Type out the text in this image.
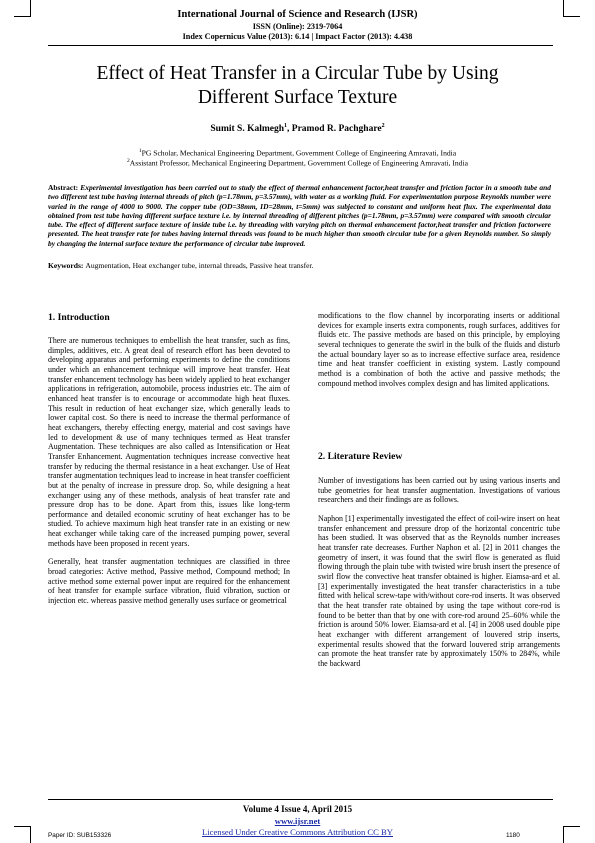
International Journal of Science and Research (IJSR)
ISSN (Online): 2319-7064
Index Copernicus Value (2013): 6.14 | Impact Factor (2013): 4.438
Effect of Heat Transfer in a Circular Tube by Using
Different Surface Texture
Sumit S. Kalmegh$^1$, Pramod R. Pachghare$^2$
$^1$PG Scholar, Mechanical Engineering Department, Government College of Engineering Amravati, India
$^2$Assistant Professor, Mechanical Engineering Department, Government College of Engineering Amravati, India
Abstract: Experimental investigation has been carried out to study the effect of thermal enhancement factor,heat transfer and friction factor in a smooth tube and two different test tube having internal threads of pitch (p=1.78mm, p=3.57mm), with water as a working fluid. For experimentation purpose Reynolds number were varied in the range of 4000 to 9000. The copper tube (OD=38mm, ID=28mm, t=5mm) was subjected to constant and uniform heat flux. The experimental data obtained from test tube having different surface texture i.e. by internal threading of different pitches (p=1.78mm, p=3.57mm) were compared with smooth circular tube. The effect of different surface texture of inside tube i.e. by threading with varying pitch on thermal enhancement factor,heat transfer and friction factorwere presented. The heat transfer rate for tubes having internal threads was found to be much higher than smooth circular tube for a given Reynolds number. So simply by changing the internal surface texture the performance of circular tube improved.
Keywords: Augmentation, Heat exchanger tube, internal threads, Passive heat transfer.
1. Introduction

There are numerous techniques to embellish the heat transfer, such as fins, dimples, additives, etc. A great deal of research effort has been devoted to developing apparatus and performing experiments to define the conditions under which an enhancement technique will improve heat transfer. Heat transfer enhancement technology has been widely applied to heat exchanger applications in refrigeration, automobile, process industries etc. The aim of enhanced heat transfer is to encourage or accommodate high heat fluxes. This result in reduction of heat exchanger size, which generally leads to lower capital cost. So there is need to increase the thermal performance of heat exchangers, thereby effecting energy, material and cost savings have led to development & use of many techniques termed as Heat transfer Augmentation. These techniques are also called as Intensification or Heat Transfer Enhancement. Augmentation techniques increase convective heat transfer by reducing the thermal resistance in a heat exchanger. Use of Heat transfer augmentation techniques lead to increase in heat transfer coefficient but at the penalty of increase in pressure drop. So, while designing a heat exchanger using any of these methods, analysis of heat transfer rate and pressure drop has to be done. Apart from this, issues like long-term performance and detailed economic scrutiny of heat exchanger has to be studied. To achieve maximum high heat transfer rate in an existing or new heat exchanger while taking care of the increased pumping power, several methods have been proposed in recent years.

Generally, heat transfer augmentation techniques are classified in three broad categories: Active method, Passive method, Compound method; In active method some external power input are required for the enhancement of heat transfer for example surface vibration, fluid vibration, suction or injection etc. whereas passive method generally uses surface or geometrical

modifications to the flow channel by incorporating inserts or additional devices for example inserts extra components, rough surfaces, additives for fluids etc. The passive methods are based on this principle, by employing several techniques to generate the swirl in the bulk of the fluids and disturb the actual boundary layer so as to increase effective surface area, residence time and heat transfer coefficient in existing system. Lastly compound method is a combination of both the active and passive methods; the compound method involves complex design and has limited applications.

2. Literature Review

Number of investigations has been carried out by using various inserts and tube geometries for heat transfer augmentation. Investigations of various researchers and their findings are as follows.

Naphon [1] experimentally investigated the effect of coil-wire insert on heat transfer enhancement and pressure drop of the horizontal concentric tube has been studied. It was observed that as the Reynolds number increases heat transfer rate decreases. Further Naphon et al. [2] in 2011 changes the geometry of insert, it was found that the swirl flow is generated as fluid flowing through the plain tube with twisted wire brush insert the presence of swirl flow the convective heat transfer obtained is higher. Eiamsa-ard et al. [3] experimentally investigated the heat transfer characteristics in a tube fitted with helical screw-tape with/without core-rod inserts. It was observed that the heat transfer rate obtained by using the tape without core-rod is found to be better than that by one with core-rod around 25–60% while the friction is around 50% lower. Eiamsa-ard et al. [4] in 2008 used double pipe heat exchanger with different arrangement of louvered strip inserts, experimental results showed that the forward louvered strip arrangements can promote the heat transfer rate by approximately 150% to 284%, while the backward

Volume 4 Issue 4, April 2015
www.ijsr.net
Licensed Under Creative Commons Attribution CC BY
Paper ID: SUB153326	1180
